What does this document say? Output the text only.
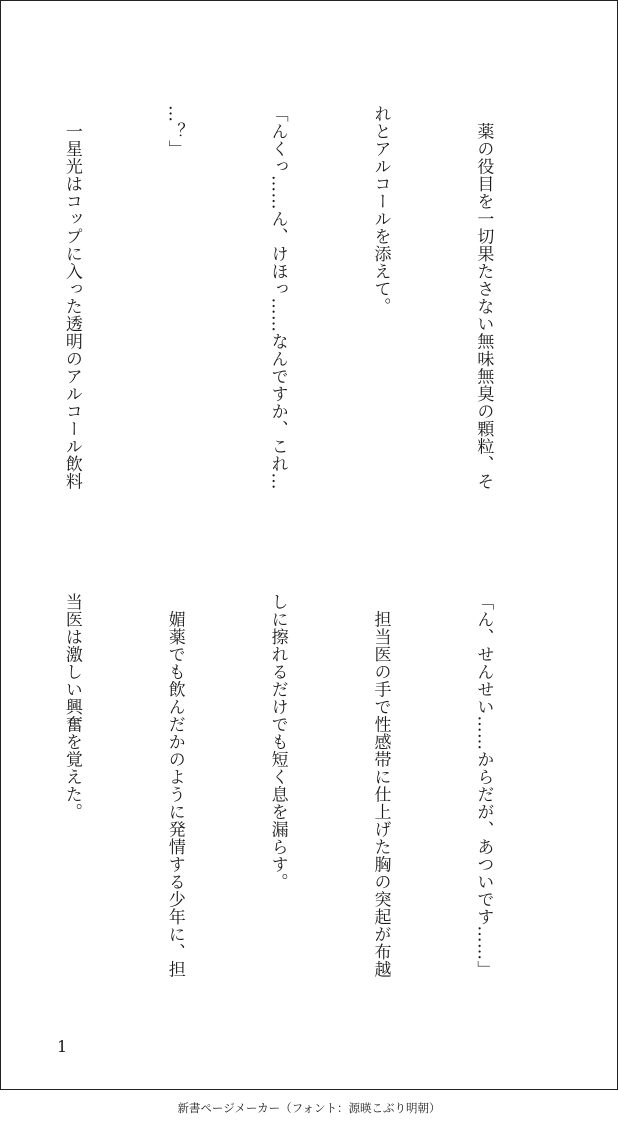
　薬の役目を一切果たさない無味無臭の顆粒、そ

れとアルコールを添えて。

「んくっ……ん、けほっ……なんですか、これ…

…？」

　一星光はコップに入った透明のアルコール飲料

「ん、せんせい……からだが、あついです……」

　担当医の手で性感帯に仕上げた胸の突起が布越

しに擦れるだけでも短く息を漏らす。

　媚薬でも飲んだかのように発情する少年に、担

当医は激しい興奮を覚えた。

1
新書ページメーカー（フォント：源暎こぶり明朝）
